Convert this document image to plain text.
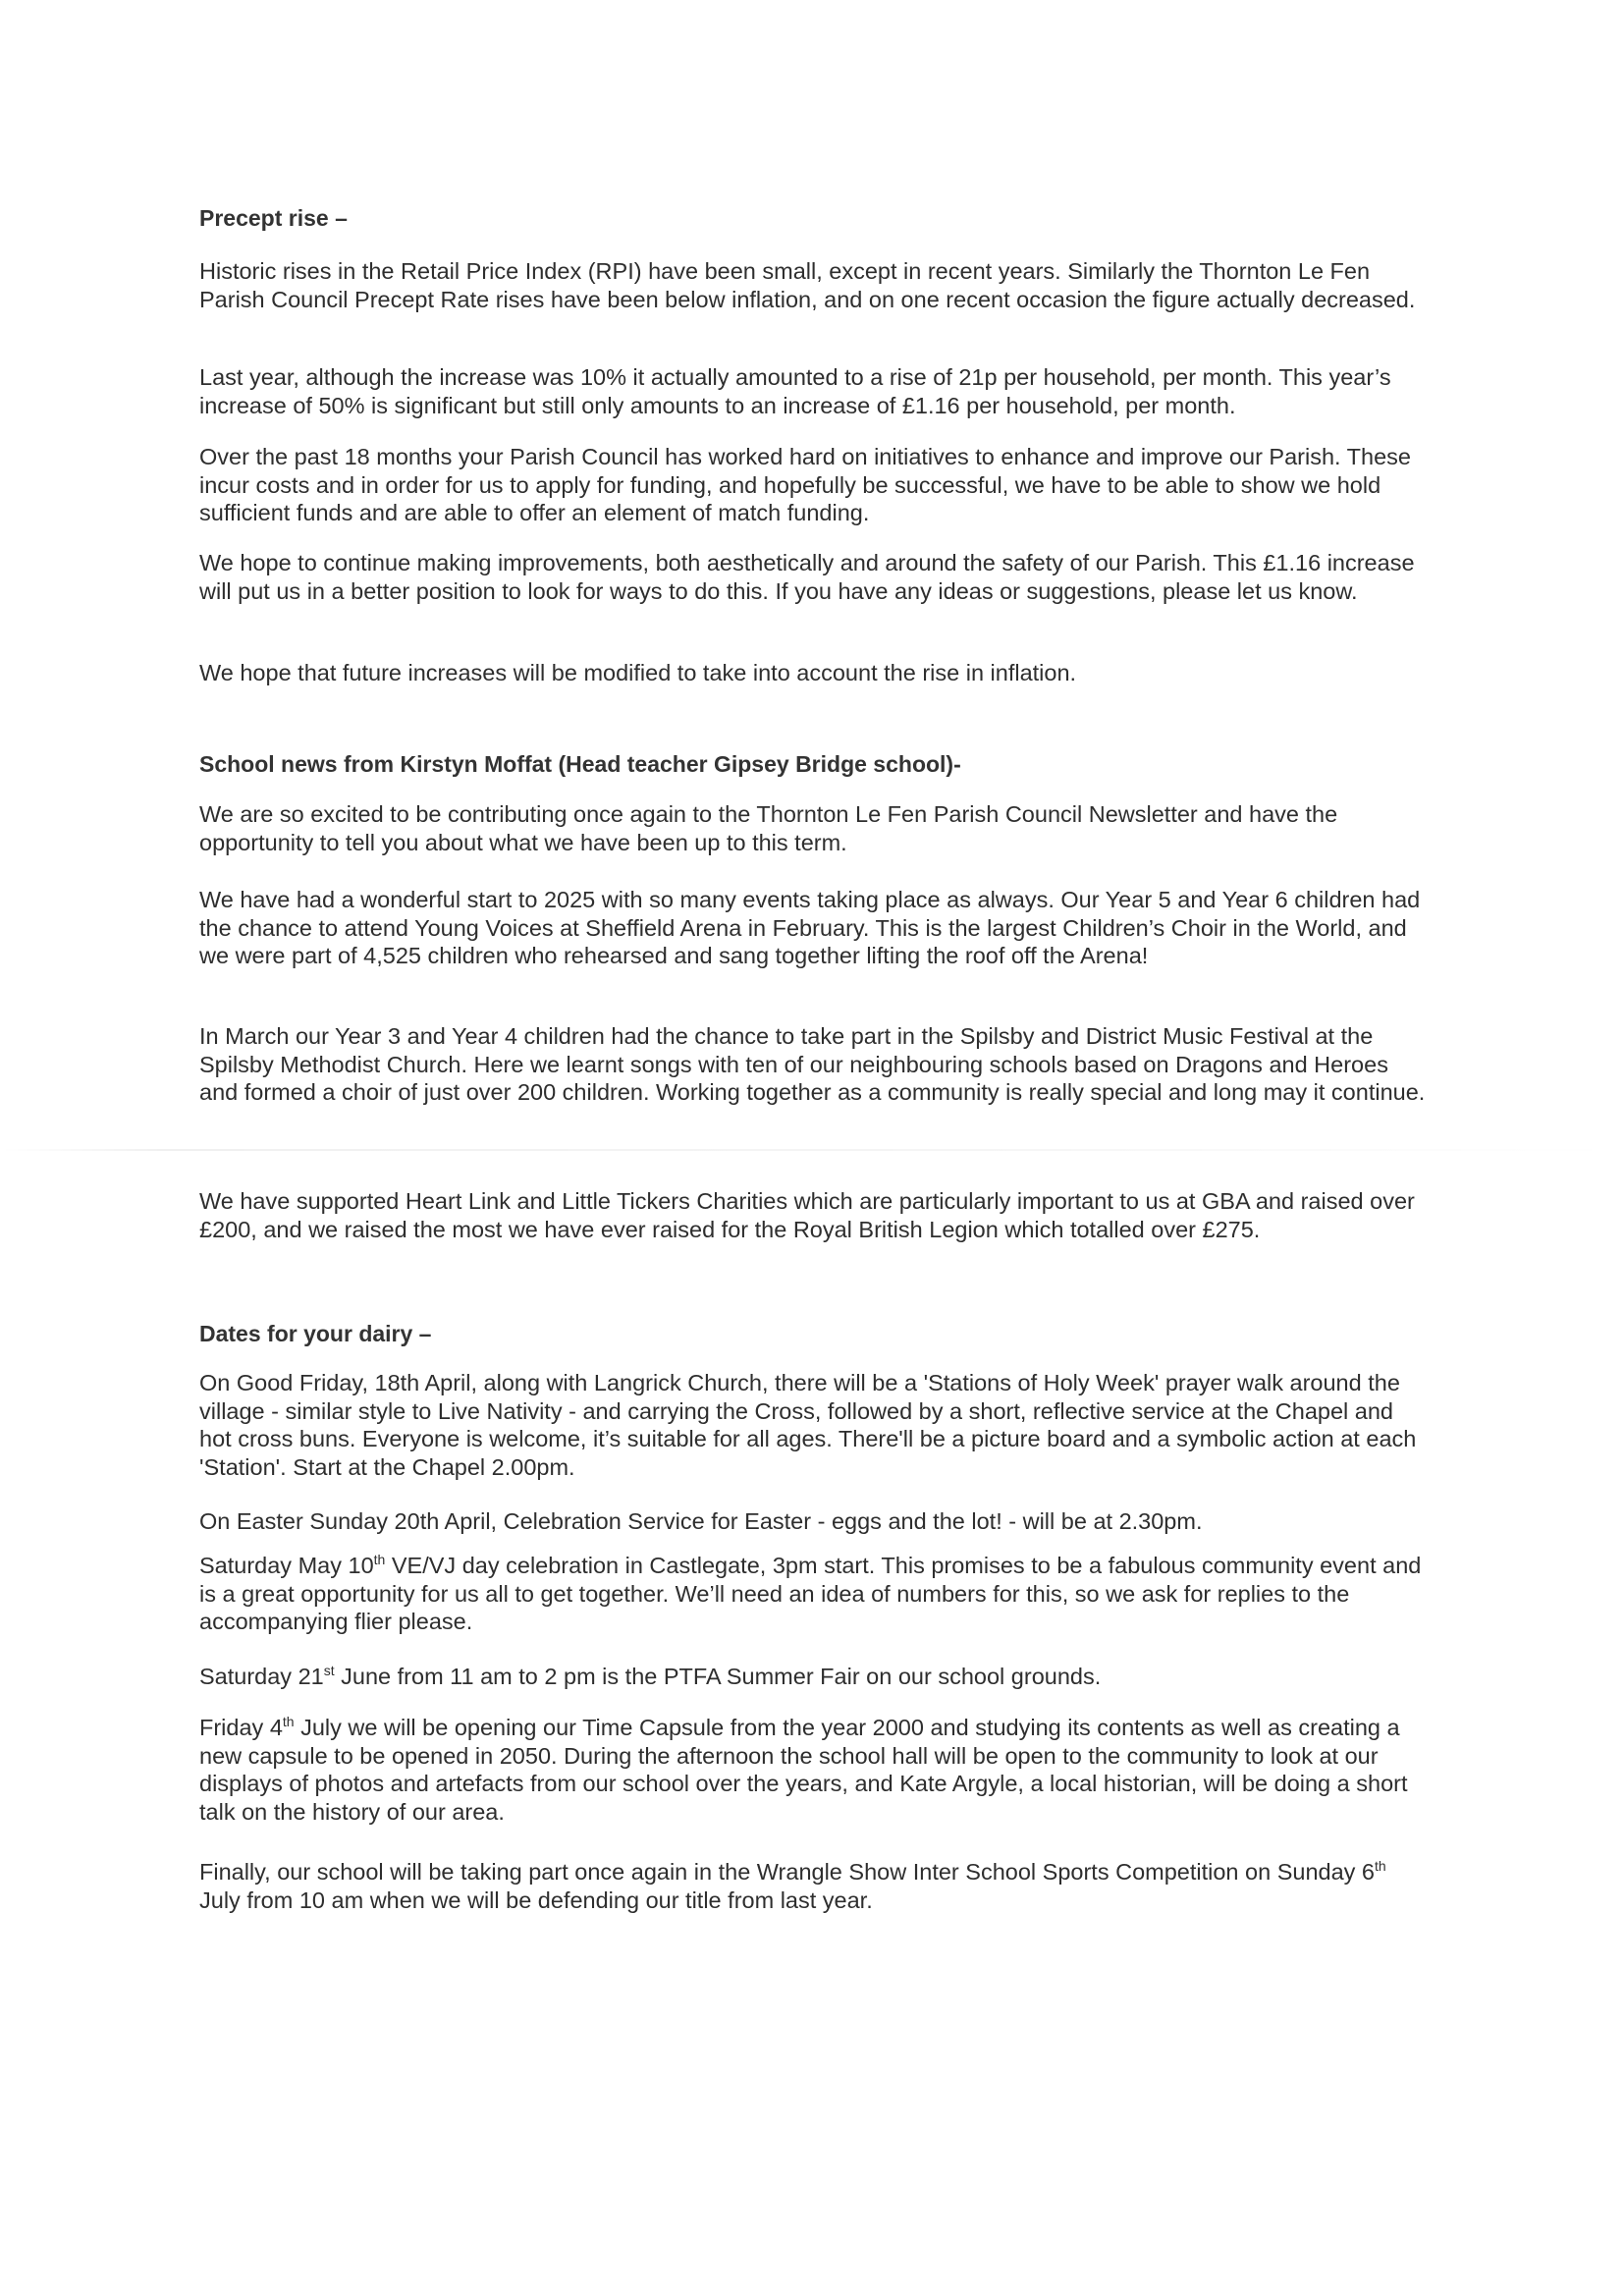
Precept rise –

Historic rises in the Retail Price Index (RPI) have been small, except in recent years. Similarly the Thornton Le Fen Parish Council Precept Rate rises have been below inflation, and on one recent occasion the figure actually decreased.

Last year, although the increase was 10% it actually amounted to a rise of 21p per household, per month. This year’s increase of 50% is significant but still only amounts to an increase of £1.16 per household, per month.

Over the past 18 months your Parish Council has worked hard on initiatives to enhance and improve our Parish. These incur costs and in order for us to apply for funding, and hopefully be successful, we have to be able to show we hold sufficient funds and are able to offer an element of match funding.

We hope to continue making improvements, both aesthetically and around the safety of our Parish. This £1.16 increase will put us in a better position to look for ways to do this. If you have any ideas or suggestions, please let us know.

We hope that future increases will be modified to take into account the rise in inflation.

School news from Kirstyn Moffat (Head teacher Gipsey Bridge school)-

We are so excited to be contributing once again to the Thornton Le Fen Parish Council Newsletter and have the opportunity to tell you about what we have been up to this term.

We have had a wonderful start to 2025 with so many events taking place as always. Our Year 5 and Year 6 children had the chance to attend Young Voices at Sheffield Arena in February. This is the largest Children’s Choir in the World, and we were part of 4,525 children who rehearsed and sang together lifting the roof off the Arena!

In March our Year 3 and Year 4 children had the chance to take part in the Spilsby and District Music Festival at the Spilsby Methodist Church. Here we learnt songs with ten of our neighbouring schools based on Dragons and Heroes and formed a choir of just over 200 children. Working together as a community is really special and long may it continue.

We have supported Heart Link and Little Tickers Charities which are particularly important to us at GBA and raised over £200, and we raised the most we have ever raised for the Royal British Legion which totalled over £275.

Dates for your dairy –

On Good Friday, 18th April, along with Langrick Church, there will be a 'Stations of Holy Week' prayer walk around the village - similar style to Live Nativity - and carrying the Cross, followed by a short, reflective service at the Chapel and hot cross buns. Everyone is welcome, it’s suitable for all ages. There'll be a picture board and a symbolic action at each 'Station'. Start at the Chapel 2.00pm.

On Easter Sunday 20th April, Celebration Service for Easter - eggs and the lot! - will be at 2.30pm.

Saturday May 10th VE/VJ day celebration in Castlegate, 3pm start. This promises to be a fabulous community event and is a great opportunity for us all to get together. We’ll need an idea of numbers for this, so we ask for replies to the accompanying flier please.

Saturday 21st June from 11 am to 2 pm is the PTFA Summer Fair on our school grounds.

Friday 4th July we will be opening our Time Capsule from the year 2000 and studying its contents as well as creating a new capsule to be opened in 2050. During the afternoon the school hall will be open to the community to look at our displays of photos and artefacts from our school over the years, and Kate Argyle, a local historian, will be doing a short talk on the history of our area.

Finally, our school will be taking part once again in the Wrangle Show Inter School Sports Competition on Sunday 6th July from 10 am when we will be defending our title from last year.
